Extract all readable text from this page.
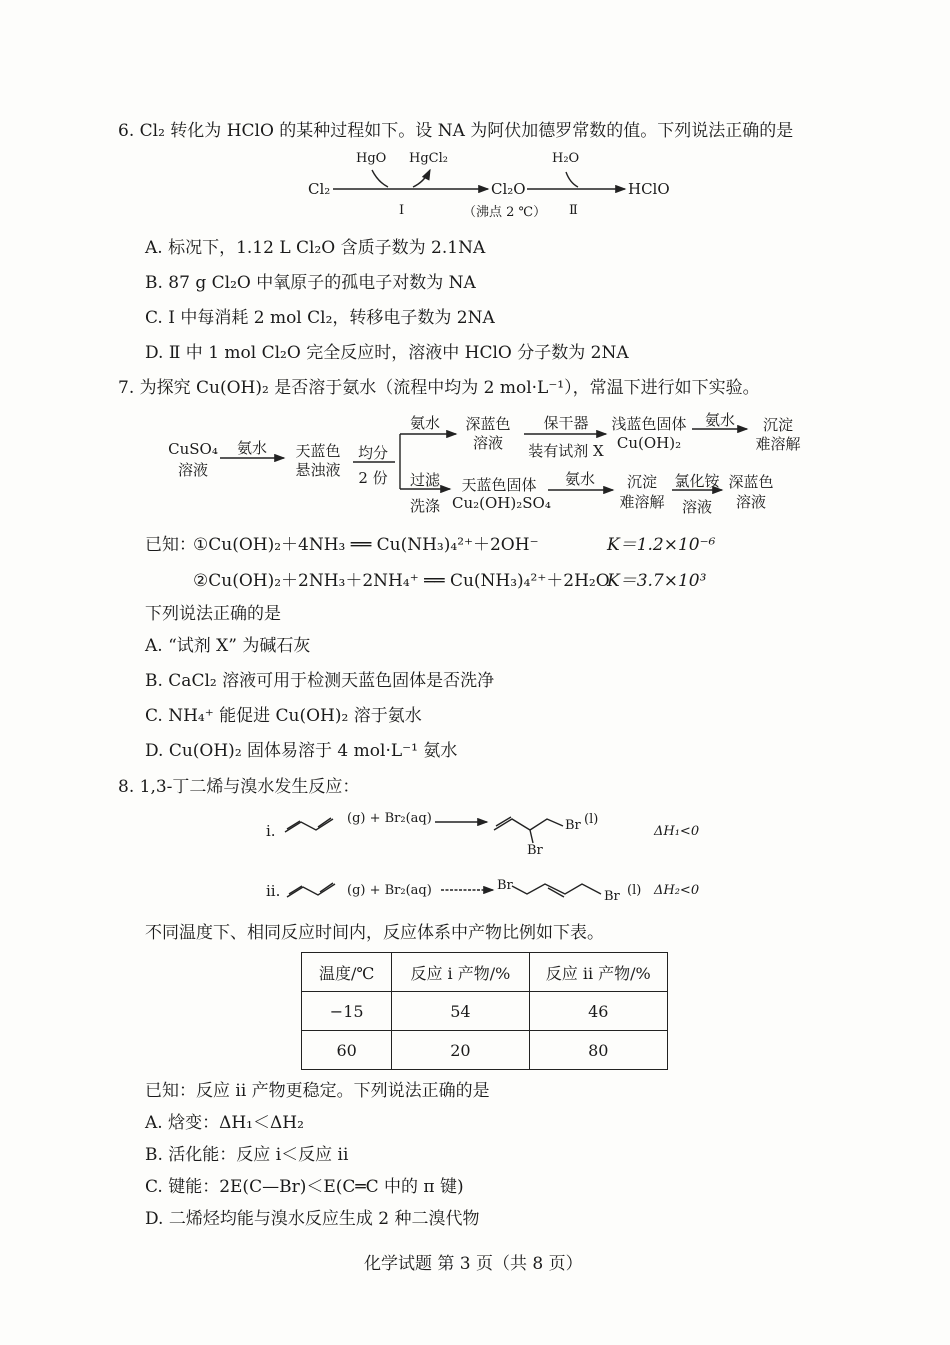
6. Cl₂ 转化为 HClO 的某种过程如下。设 NA 为阿伏加德罗常数的值。下列说法正确的是
Cl₂
HgO HgCl₂
Cl₂O
（沸点 2 ℃）
H₂O
HClO
Ⅰ	Ⅱ
A. 标况下，1.12 L Cl₂O 含质子数为 2.1NA
B. 87 g Cl₂O 中氧原子的孤电子对数为 NA
C. Ⅰ 中每消耗 2 mol Cl₂，转移电子数为 2NA
D. Ⅱ 中 1 mol Cl₂O 完全反应时，溶液中 HClO 分子数为 2NA
7. 为探究 Cu(OH)₂ 是否溶于氨水（流程中均为 2 mol·L⁻¹），常温下进行如下实验。
CuSO₄
溶液
氨水	天蓝色
悬浊液
均分
2 份
氨水	深蓝色
溶液
保干器
装有试剂 X
浅蓝色固体
Cu(OH)₂
氨水	沉淀
难溶解
过滤
洗涤
天蓝色固体
Cu₂(OH)₂SO₄
氨水	沉淀
难溶解
氯化铵
溶液
深蓝色
溶液
已知：
①Cu(OH)₂＋4NH₃ ══ Cu(NH₃)₄²⁺＋2OH⁻	K＝1.2×10⁻⁶
②Cu(OH)₂＋2NH₃＋2NH₄⁺ ══ Cu(NH₃)₄²⁺＋2H₂O
K＝3.7×10³
下列说法正确的是
A. “试剂 X” 为碱石灰
B. CaCl₂ 溶液可用于检测天蓝色固体是否洗净
C. NH₄⁺ 能促进 Cu(OH)₂ 溶于氨水
D. Cu(OH)₂ 固体易溶于 4 mol·L⁻¹ 氨水
8. 1,3-丁二烯与溴水发生反应：
i.
(g) + Br₂(aq)	Br (l)
Br
ΔH₁<0
ii.	(g) + Br₂(aq)	Br
Br (l) ΔH₂<0
不同温度下、相同反应时间内，反应体系中产物比例如下表。
温度/℃	反应 i 产物/%	反应 ii 产物/%
−15	54	46
60	20	80
已知：反应 ii 产物更稳定。下列说法正确的是
A. 焓变：ΔH₁＜ΔH₂
B. 活化能：反应 i＜反应 ii
C. 键能：2E(C—Br)＜E(C═C 中的 π 键)
D. 二烯烃均能与溴水反应生成 2 种二溴代物
化学试题 第 3 页（共 8 页）
